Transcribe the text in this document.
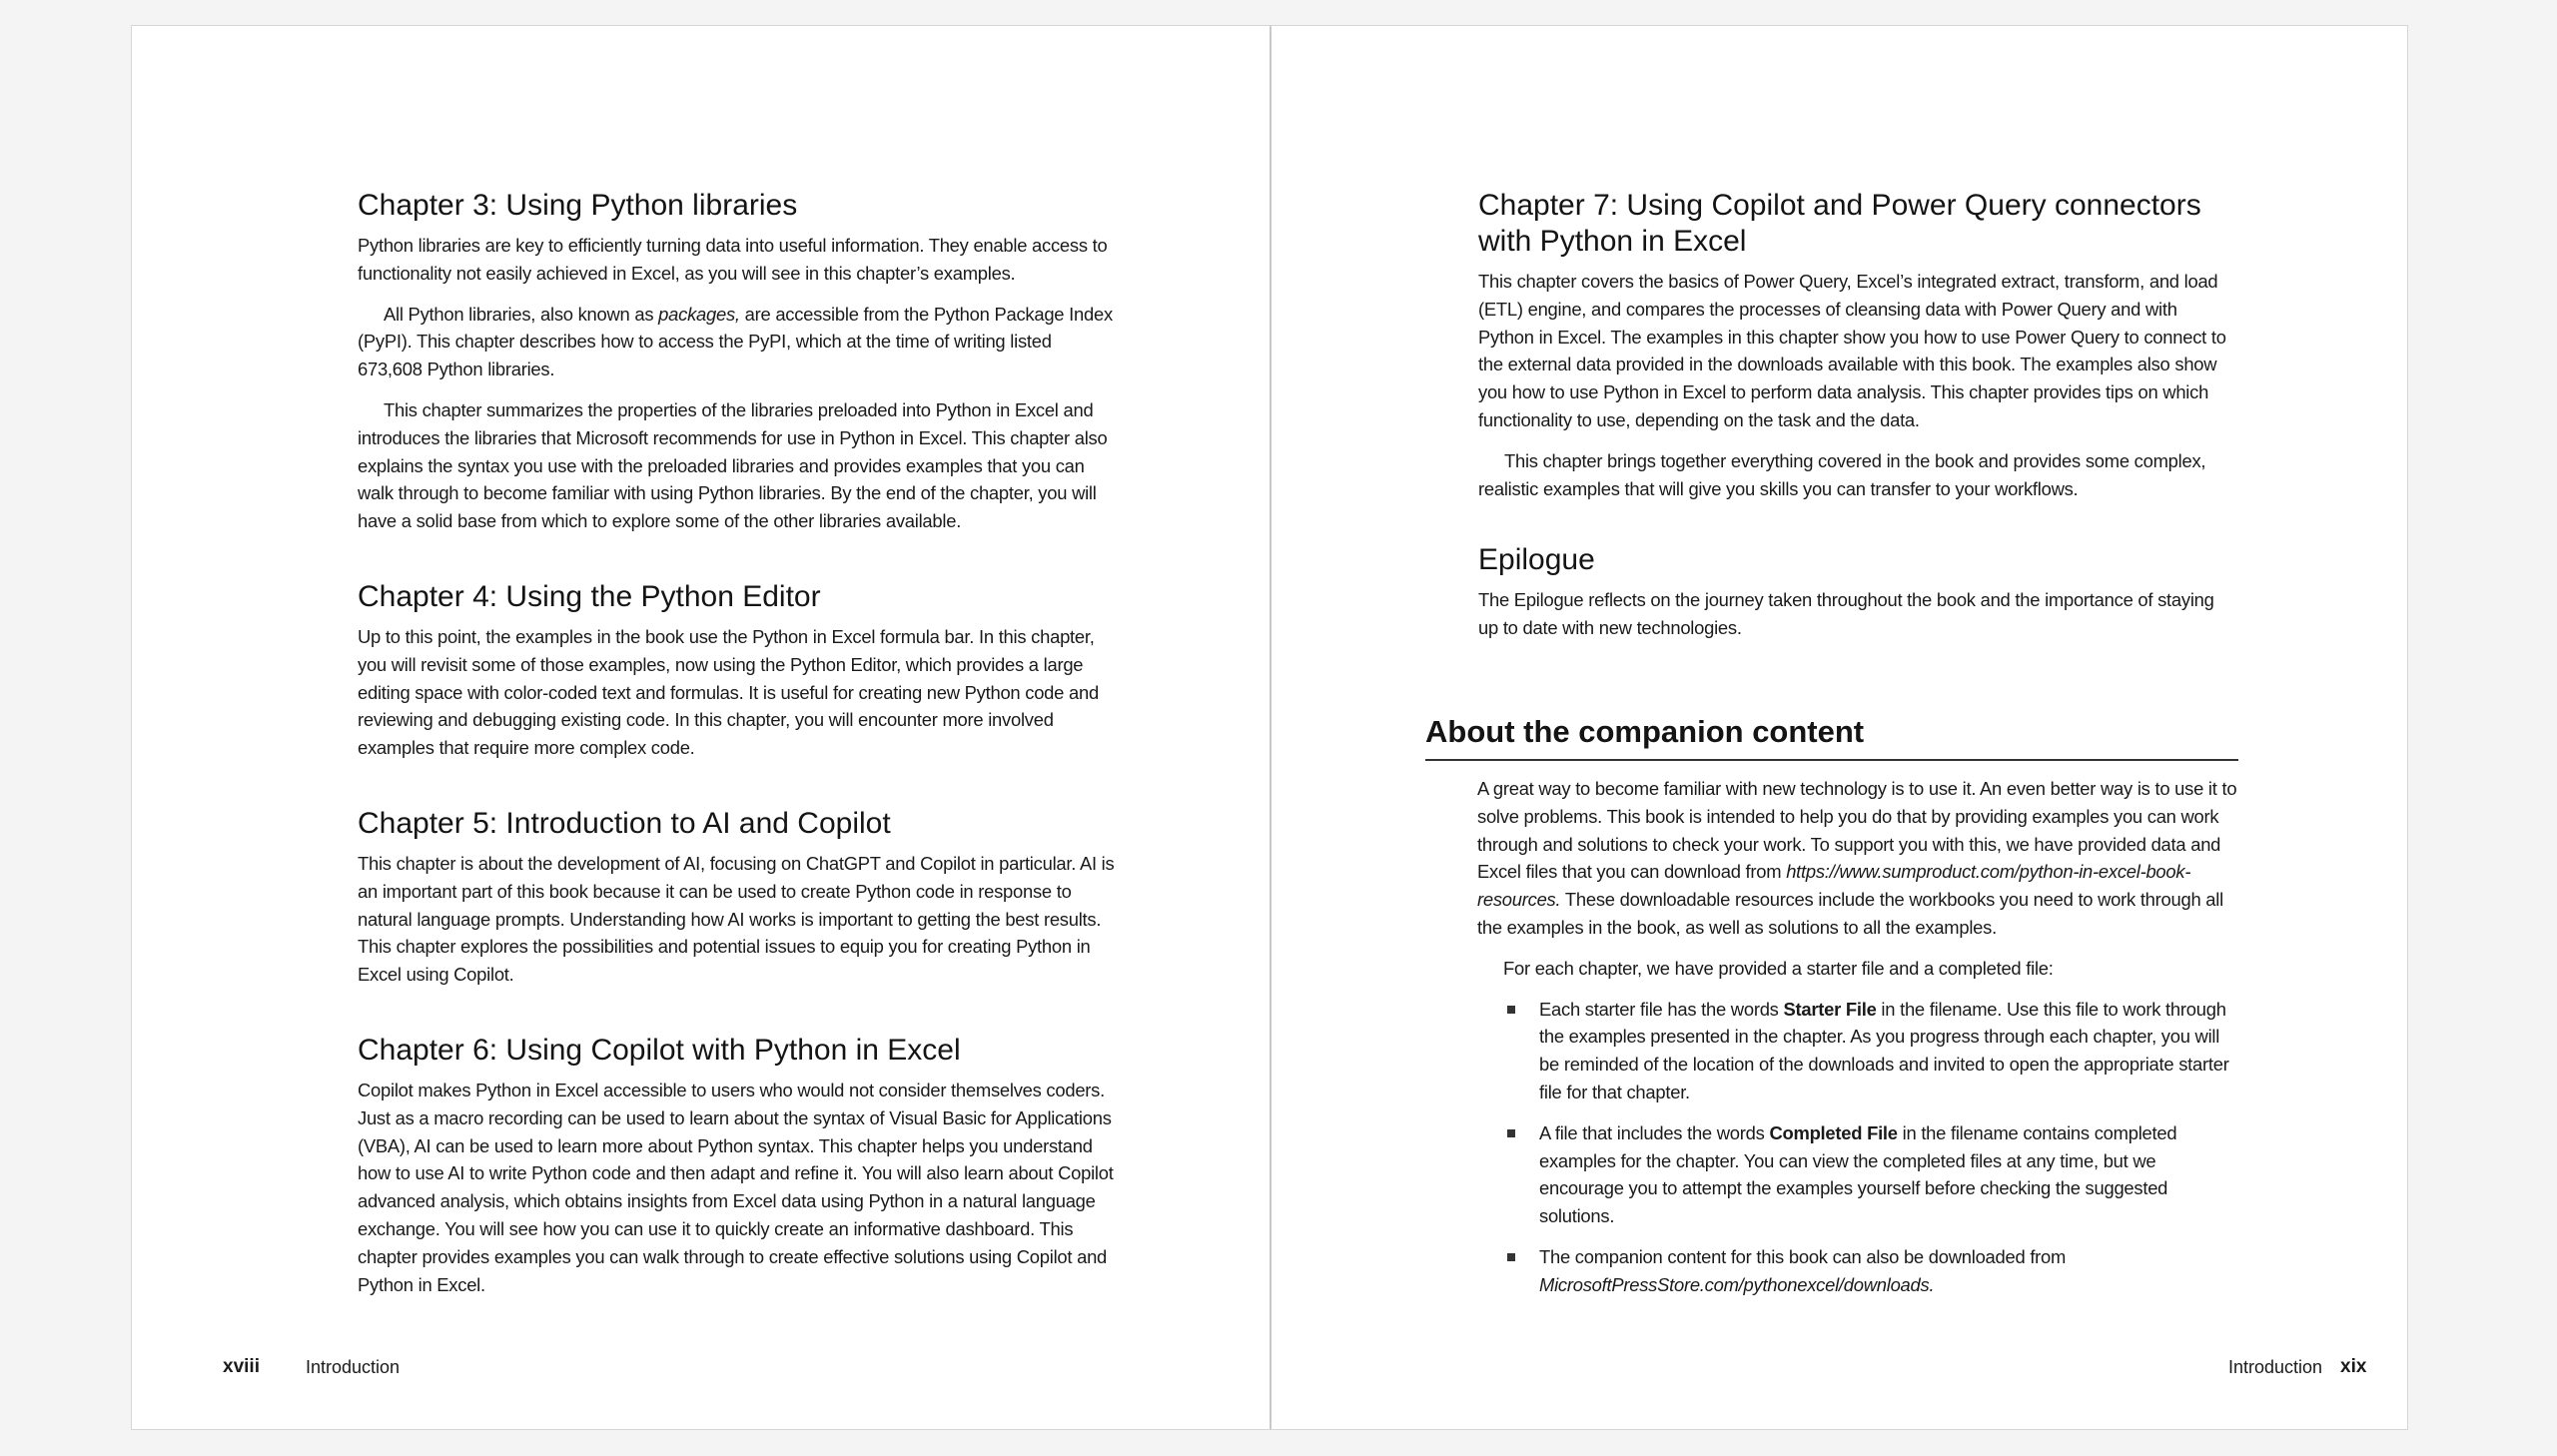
Chapter 3: Using Python libraries

Python libraries are key to efficiently turning data into useful information. They enable access to functionality not easily achieved in Excel, as you will see in this chapter’s examples.

All Python libraries, also known as packages, are accessible from the Python Package Index (PyPI). This chapter describes how to access the PyPI, which at the time of writing listed 673,608 Python libraries.

This chapter summarizes the properties of the libraries preloaded into Python in Excel and introduces the libraries that Microsoft recommends for use in Python in Excel. This chapter also explains the syntax you use with the preloaded libraries and provides examples that you can walk through to become familiar with using Python libraries. By the end of the chapter, you will have a solid base from which to explore some of the other libraries available.

Chapter 4: Using the Python Editor

Up to this point, the examples in the book use the Python in Excel formula bar. In this chapter, you will revisit some of those examples, now using the Python Editor, which provides a large editing space with color-coded text and formulas. It is useful for creating new Python code and reviewing and debugging existing code. In this chapter, you will encounter more involved examples that require more complex code.

Chapter 5: Introduction to AI and Copilot

This chapter is about the development of AI, focusing on ChatGPT and Copilot in particular. AI is an important part of this book because it can be used to create Python code in response to natural language prompts. Understanding how AI works is important to getting the best results. This chapter explores the possibilities and potential issues to equip you for creating Python in Excel using Copilot.

Chapter 6: Using Copilot with Python in Excel

Copilot makes Python in Excel accessible to users who would not consider themselves coders. Just as a macro recording can be used to learn about the syntax of Visual Basic for Applications (VBA), AI can be used to learn more about Python syntax. This chapter helps you understand how to use AI to write Python code and then adapt and refine it. You will also learn about Copilot advanced analysis, which obtains insights from Excel data using Python in a natural language exchange. You will see how you can use it to quickly create an informative dashboard. This chapter provides examples you can walk through to create effective solutions using Copilot and Python in Excel.

xviii	Introduction
Chapter 7: Using Copilot and Power Query connectors with Python in Excel

This chapter covers the basics of Power Query, Excel’s integrated extract, transform, and load (ETL) engine, and compares the processes of cleansing data with Power Query and with Python in Excel. The examples in this chapter show you how to use Power Query to connect to the external data provided in the downloads available with this book. The examples also show you how to use Python in Excel to perform data analysis. This chapter provides tips on which functionality to use, depending on the task and the data.

This chapter brings together everything covered in the book and provides some complex, realistic examples that will give you skills you can transfer to your workflows.

Epilogue

The Epilogue reflects on the journey taken throughout the book and the importance of staying up to date with new technologies.

About the companion content

A great way to become familiar with new technology is to use it. An even better way is to use it to solve problems. This book is intended to help you do that by providing examples you can work through and solutions to check your work. To support you with this, we have provided data and Excel files that you can download from https://www.sumproduct.com/python-in-excel-book-resources. These downloadable resources include the workbooks you need to work through all the examples in the book, as well as solutions to all the examples.

For each chapter, we have provided a starter file and a completed file:

Each starter file has the words Starter File in the filename. Use this file to work through the examples presented in the chapter. As you progress through each chapter, you will be reminded of the location of the downloads and invited to open the appropriate starter file for that chapter.
A file that includes the words Completed File in the filename contains completed examples for the chapter. You can view the completed files at any time, but we encourage you to attempt the examples yourself before checking the suggested solutions.
The companion content for this book can also be downloaded from MicrosoftPressStore.com/pythonexcel/downloads.
Introduction xix
